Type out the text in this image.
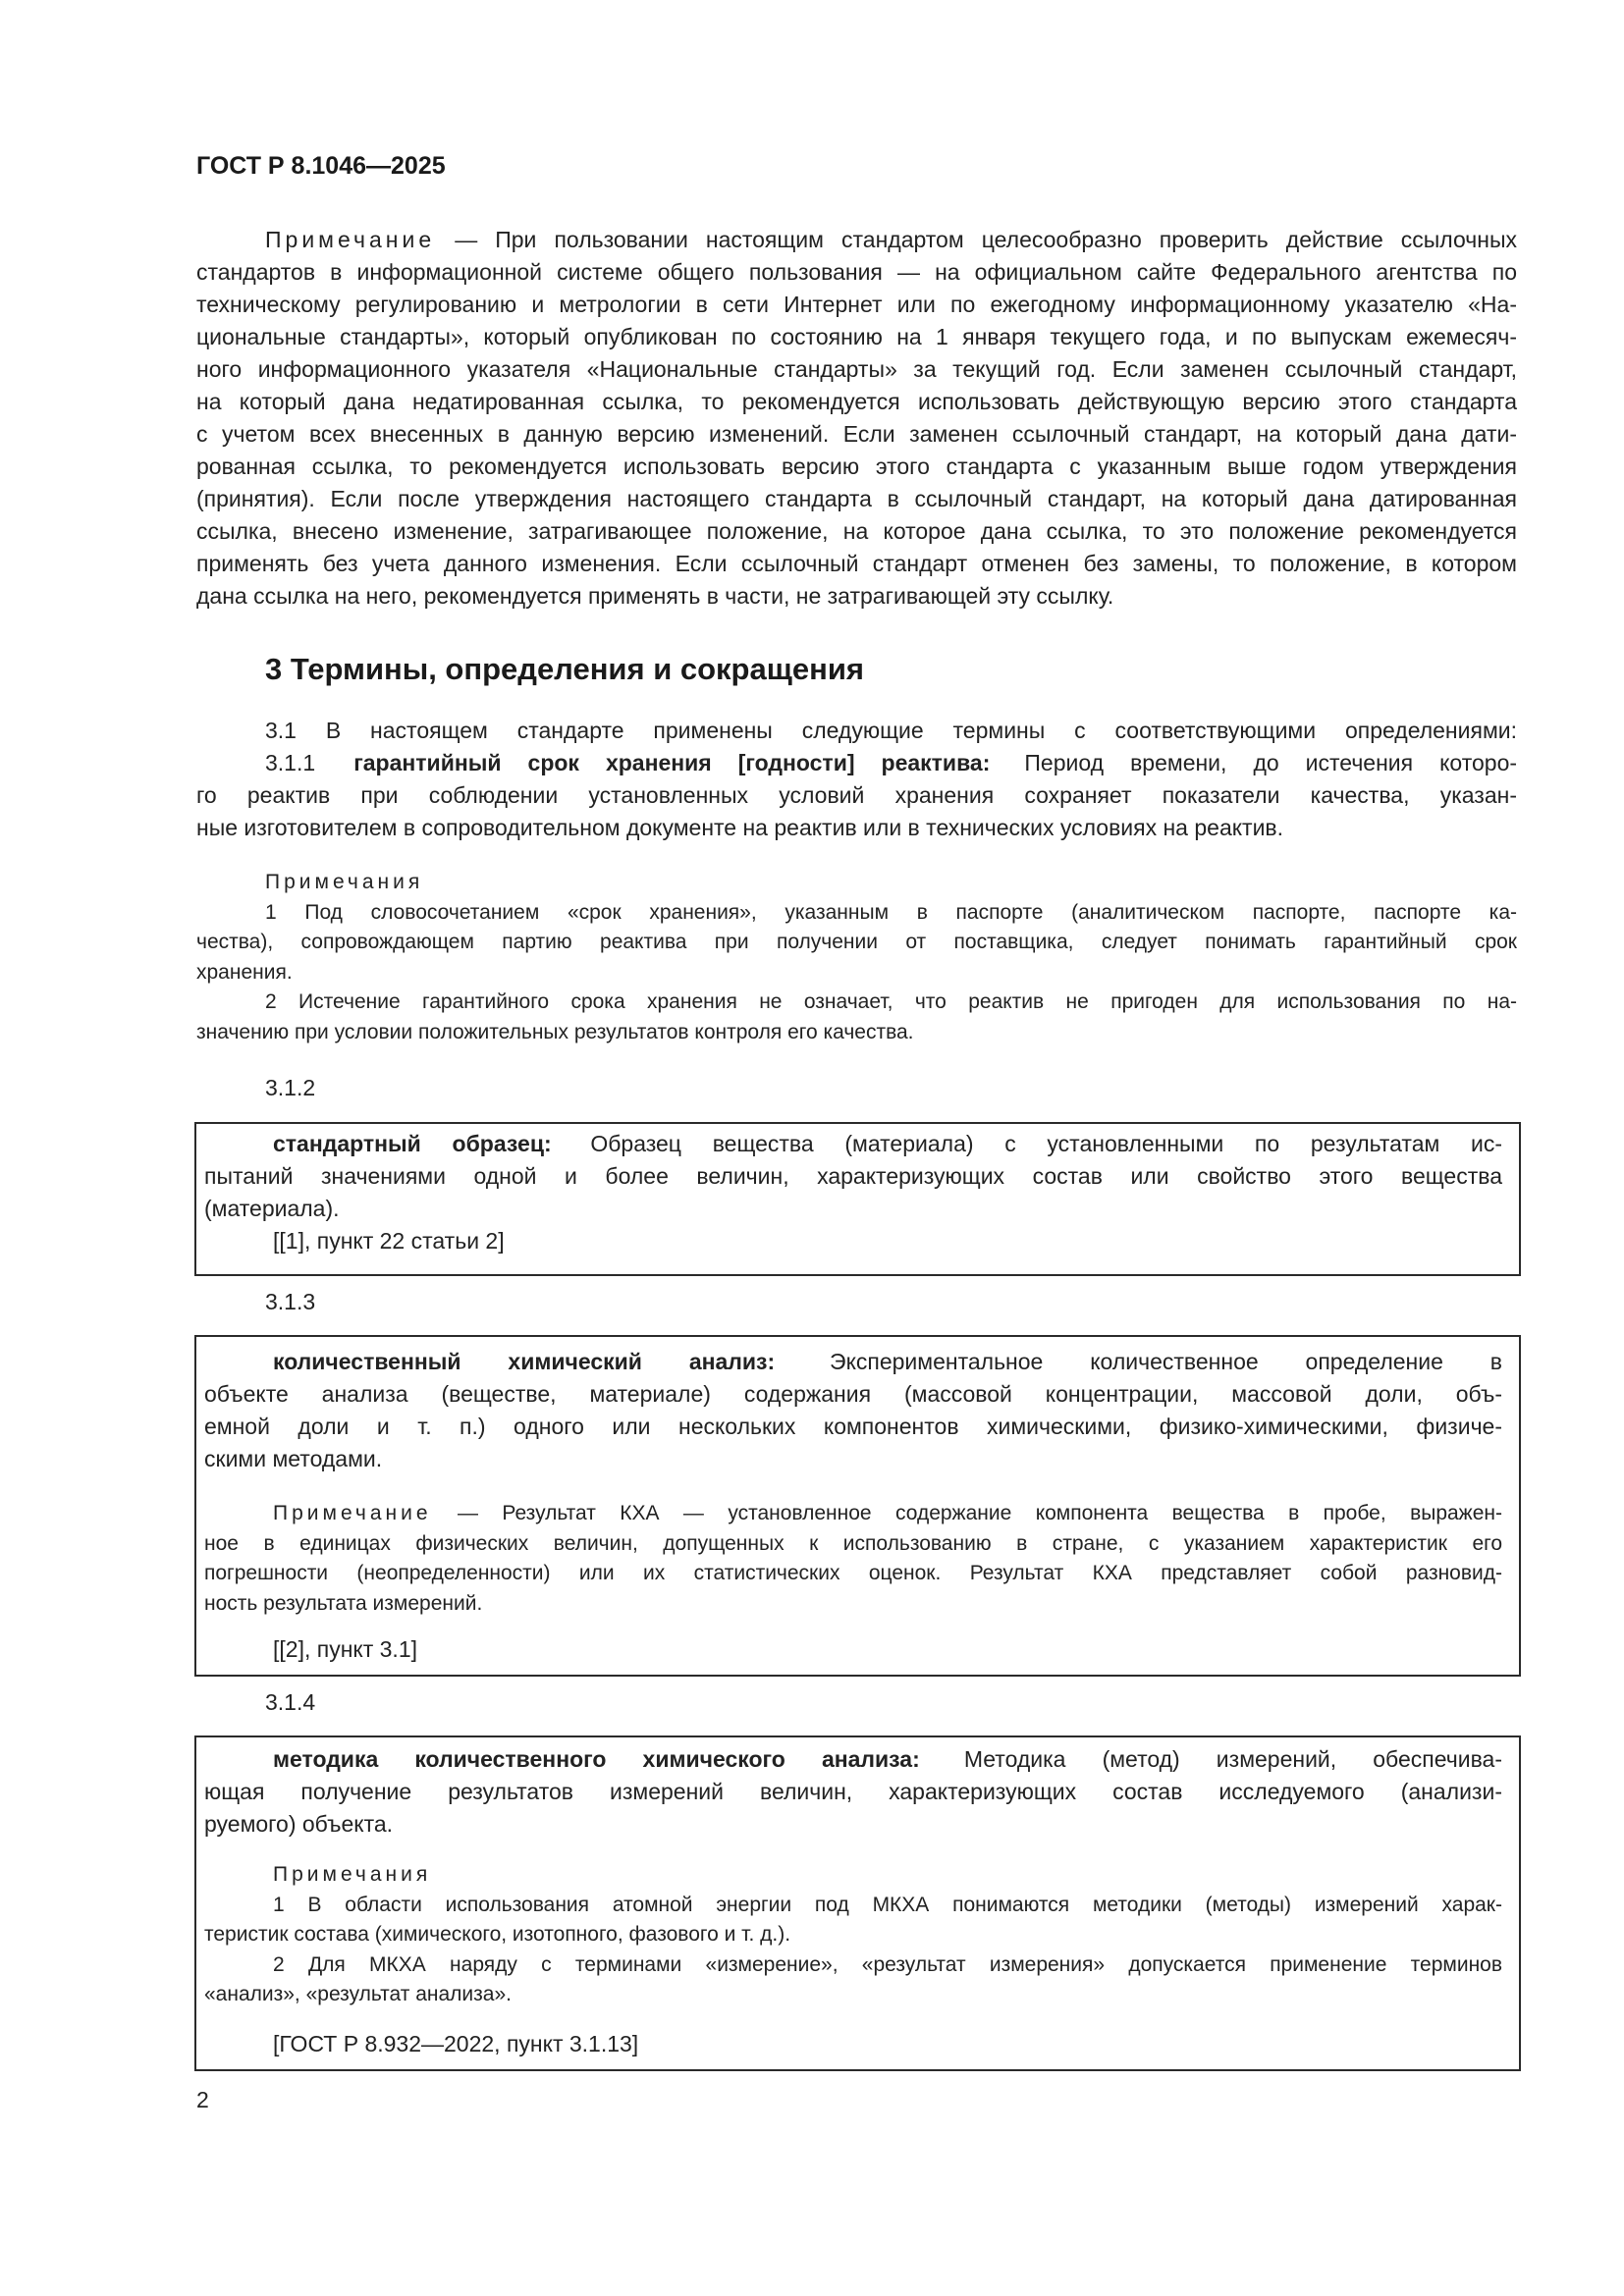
ГОСТ Р 8.1046—2025
Примечание — При пользовании настоящим стандартом целесообразно проверить действие ссылочных
стандартов в информационной системе общего пользования — на официальном сайте Федерального агентства по
техническому регулированию и метрологии в сети Интернет или по ежегодному информационному указателю «На-
циональные стандарты», который опубликован по состоянию на 1 января текущего года, и по выпускам ежемесяч-
ного информационного указателя «Национальные стандарты» за текущий год. Если заменен ссылочный стандарт,
на который дана недатированная ссылка, то рекомендуется использовать действующую версию этого стандарта
с учетом всех внесенных в данную версию изменений. Если заменен ссылочный стандарт, на который дана дати-
рованная ссылка, то рекомендуется использовать версию этого стандарта с указанным выше годом утверждения
(принятия). Если после утверждения настоящего стандарта в ссылочный стандарт, на который дана датированная
ссылка, внесено изменение, затрагивающее положение, на которое дана ссылка, то это положение рекомендуется
применять без учета данного изменения. Если ссылочный стандарт отменен без замены, то положение, в котором
дана ссылка на него, рекомендуется применять в части, не затрагивающей эту ссылку.
3 Термины, определения и сокращения
3.1 В настоящем стандарте применены следующие термины с соответствующими определениями:
3.1.1 гарантийный срок хранения [годности] реактива: Период времени, до истечения которо-
го реактив при соблюдении установленных условий хранения сохраняет показатели качества, указан-
ные изготовителем в сопроводительном документе на реактив или в технических условиях на реактив.
Примечания
1 Под словосочетанием «срок хранения», указанным в паспорте (аналитическом паспорте, паспорте ка-
чества), сопровождающем партию реактива при получении от поставщика, следует понимать гарантийный срок
хранения.
2 Истечение гарантийного срока хранения не означает, что реактив не пригоден для использования по на-
значению при условии положительных результатов контроля его качества.
3.1.2
стандартный образец: Образец вещества (материала) с установленными по результатам ис-
пытаний значениями одной и более величин, характеризующих состав или свойство этого вещества
(материала).
[[1], пункт 22 статьи 2]
3.1.3
количественный химический анализ: Экспериментальное количественное определение в
объекте анализа (веществе, материале) содержания (массовой концентрации, массовой доли, объ-
емной доли и т. п.) одного или нескольких компонентов химическими, физико-химическими, физиче-
скими методами.
Примечание — Результат КХА — установленное содержание компонента вещества в пробе, выражен-
ное в единицах физических величин, допущенных к использованию в стране, с указанием характеристик его
погрешности (неопределенности) или их статистических оценок. Результат КХА представляет собой разновид-
ность результата измерений.
[[2], пункт 3.1]
3.1.4
методика количественного химического анализа: Методика (метод) измерений, обеспечива-
ющая получение результатов измерений величин, характеризующих состав исследуемого (анализи-
руемого) объекта.
Примечания
1 В области использования атомной энергии под МКХА понимаются методики (методы) измерений харак-
теристик состава (химического, изотопного, фазового и т. д.).
2 Для МКХА наряду с терминами «измерение», «результат измерения» допускается применение терминов
«анализ», «результат анализа».
[ГОСТ Р 8.932—2022, пункт 3.1.13]
2
